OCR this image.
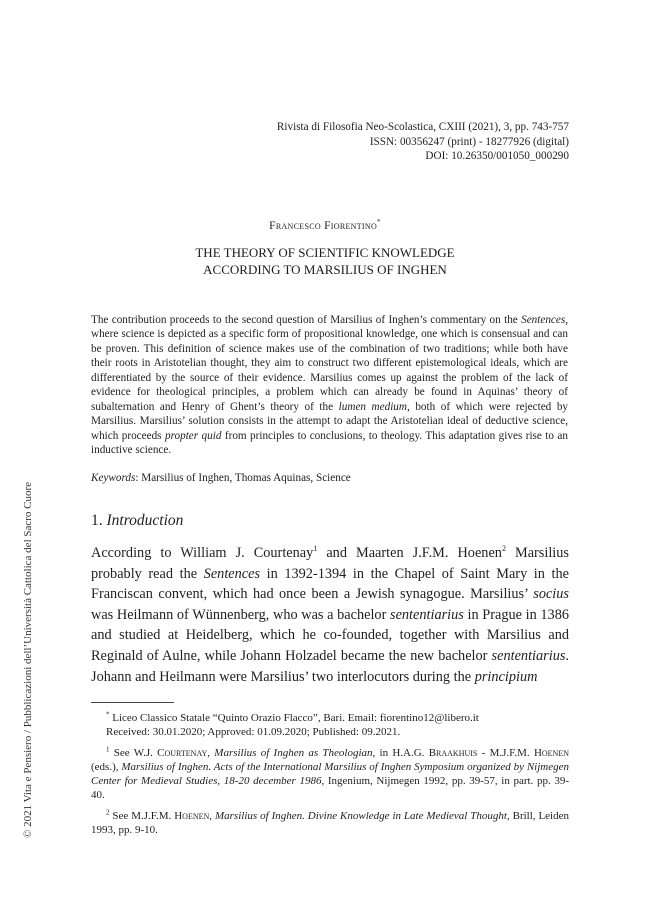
© 2021 Vita e Pensiero / Pubblicazioni dell’Università Cattolica del Sacro Cuore
Rivista di Filosofia Neo-Scolastica, CXIII (2021), 3, pp. 743-757
ISSN: 00356247 (print) - 18277926 (digital)
DOI: 10.26350/001050_000290
Francesco Fiorentino*
THE THEORY OF SCIENTIFIC KNOWLEDGE
ACCORDING TO MARSILIUS OF INGHEN

The contribution proceeds to the second question of Marsilius of Inghen’s commentary on the Sentences, where science is depicted as a specific form of propositional knowledge, one which is consensual and can be proven. This definition of science makes use of the combination of two traditions; while both have their roots in Aristotelian thought, they aim to construct two different epistemological ideals, which are differentiated by the source of their evidence. Marsilius comes up against the problem of the lack of evidence for theological principles, a problem which can already be found in Aquinas’ theory of subalternation and Henry of Ghent’s theory of the lumen medium, both of which were rejected by Marsilius. Marsilius’ solution consists in the attempt to adapt the Aristotelian ideal of deductive science, which proceeds propter quid from principles to conclusions, to theology. This adaptation gives rise to an inductive science.

Keywords: Marsilius of Inghen, Thomas Aquinas, Science
1. Introduction

According to William J. Courtenay$^1$ and Maarten J.F.M. Hoenen$^2$ Marsilius probably read the Sentences in 1392-1394 in the Chapel of Saint Mary in the Franciscan convent, which had once been a Jewish synagogue. Marsilius’ socius was Heilmann of Wünnenberg, who was a bachelor sententiarius in Prague in 1386 and studied at Heidelberg, which he co-founded, together with Marsilius and Reginald of Aulne, while Johann Holzadel became the new bachelor sententiarius. Johann and Heilmann were Marsilius’ two interlocutors during the principium

* Liceo Classico Statale “Quinto Orazio Flacco”, Bari. Email: fiorentino12@libero.it
Received: 30.01.2020; Approved: 01.09.2020; Published: 09.2021.

$^1$ See W.J. Courtenay, Marsilius of Inghen as Theologian, in H.A.G. Braakhuis - M.J.F.M. Hoenen (eds.), Marsilius of Inghen. Acts of the International Marsilius of Inghen Symposium organized by Nijmegen Center for Medieval Studies, 18-20 december 1986, Ingenium, Nijmegen 1992, pp. 39-57, in part. pp. 39-40.

$^2$ See M.J.F.M. Hoenen, Marsilius of Inghen. Divine Knowledge in Late Medieval Thought, Brill, Leiden 1993, pp. 9-10.
